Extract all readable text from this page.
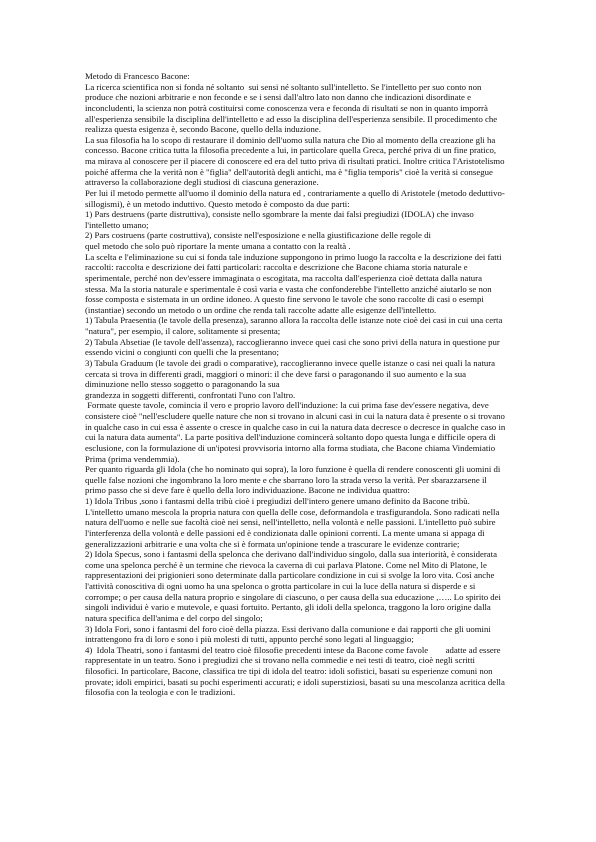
Metodo di Francesco Bacone:
La ricerca scientifica non si fonda né soltanto  sui sensi né soltanto sull'intelletto. Se l'intelletto per suo conto non
produce che nozioni arbitrarie e non feconde e se i sensi dall'altro lato non danno che indicazioni disordinate e
inconcludenti, la scienza non potrà costituirsi come conoscenza vera e feconda di risultati se non in quanto imporrà
all'esperienza sensibile la disciplina dell'intelletto e ad esso la disciplina dell'esperienza sensibile. Il procedimento che
realizza questa esigenza è, secondo Bacone, quello della induzione.
La sua filosofia ha lo scopo di restaurare il dominio dell'uomo sulla natura che Dio al momento della creazione gli ha
concesso. Bacone critica tutta la filosofia precedente a lui, in particolare quella Greca, perché priva di un fine pratico,
ma mirava al conoscere per il piacere di conoscere ed era del tutto priva di risultati pratici. Inoltre critica l'Aristotelismo
poiché afferma che la verità non è "figlia" dell'autorità degli antichi, ma è "figlia temporis" cioè la verità si consegue
attraverso la collaborazione degli studiosi di ciascuna generazione.
Per lui il metodo permette all'uomo il dominio della natura ed , contrariamente a quello di Aristotele (metodo deduttivo-
sillogismi), è un metodo induttivo. Questo metodo è composto da due parti:
1) Pars destruens (parte distruttiva), consiste nello sgombrare la mente dai falsi pregiudizi (IDOLA) che invaso
l'intelletto umano;
2) Pars costruens (parte costruttiva), consiste nell'esposizione e nella giustificazione delle regole di
quel metodo che solo può riportare la mente umana a contatto con la realtà .
La scelta e l'eliminazione su cui si fonda tale induzione suppongono in primo luogo la raccolta e la descrizione dei fatti
raccolti: raccolta e descrizione dei fatti particolari: raccolta e descrizione che Bacone chiama storia naturale e
sperimentale, perché non dev'essere immaginata o escogitata, ma raccolta dall'esperienza cioè dettata dalla natura
stessa. Ma la storia naturale e sperimentale è così varia e vasta che confonderebbe l'intelletto anziché aiutarlo se non
fosse composta e sistemata in un ordine idoneo. A questo fine servono le tavole che sono raccolte di casi o esempi
(instantiae) secondo un metodo o un ordine che renda tali raccolte adatte alle esigenze dell'intelletto.
1) Tabula Praesentia (le tavole della presenza), saranno allora la raccolta delle istanze note cioè dei casi in cui una certa
"natura", per esempio, il calore, solitamente si presenta;
2) Tabula Absetiae (le tavole dell'assenza), raccoglieranno invece quei casi che sono privi della natura in questione pur
essendo vicini o congiunti con quelli che la presentano;
3) Tabula Graduum (le tavole dei gradi o comparative), raccoglieranno invece quelle istanze o casi nei quali la natura
cercata si trova in differenti gradi, maggiori o minori: il che deve farsi o paragonando il suo aumento e la sua
diminuzione nello stesso soggetto o paragonando la sua
grandezza in soggetti differenti, confrontati l'uno con l'altro.
Formate queste tavole, comincia il vero e proprio lavoro dell'induzione: la cui prima fase dev'essere negativa, deve
consistere cioè "nell'escludere quelle nature che non si trovano in alcuni casi in cui la natura data è presente o si trovano
in qualche caso in cui essa è assente o cresce in qualche caso in cui la natura data decresce o decresce in qualche caso in
cui la natura data aumenta". La parte positiva dell'induzione comincerà soltanto dopo questa lunga e difficile opera di
esclusione, con la formulazione di un'ipotesi provvisoria intorno alla forma studiata, che Bacone chiama Vindemiatio
Prima (prima vendemmia).
Per quanto riguarda gli Idola (che ho nominato qui sopra), la loro funzione è quella di rendere conoscenti gli uomini di
quelle false nozioni che ingombrano la loro mente e che sbarrano loro la strada verso la verità. Per sbarazzarsene il
primo passo che si deve fare è quello della loro individuazione. Bacone ne individua quattro:
1) Idola Tribus ,sono i fantasmi della tribù cioè i pregiudizi dell'intero genere umano definito da Bacone tribù.
L'intelletto umano mescola la propria natura con quella delle cose, deformandola e trasfigurandola. Sono radicati nella
natura dell'uomo e nelle sue facoltà cioè nei sensi, nell'intelletto, nella volontà e nelle passioni. L'intelletto può subire
l'interferenza della volontà e delle passioni ed è condizionata dalle opinioni correnti. La mente umana si appaga di
generalizzazioni arbitrarie e una volta che si è formata un'opinione tende a trascurare le evidenze contrarie;
2) Idola Specus, sono i fantasmi della spelonca che derivano dall'individuo singolo, dalla sua interiorità, è considerata
come una spelonca perché è un termine che rievoca la caverna di cui parlava Platone. Come nel Mito di Platone, le
rappresentazioni dei prigionieri sono determinate dalla particolare condizione in cui si svolge la loro vita. Così anche
l'attività conoscitiva di ogni uomo ha una spelonca o grotta particolare in cui la luce della natura si disperde e si
corrompe; o per causa della natura proprio e singolare di ciascuno, o per causa della sua educazione ,….. Lo spirito dei
singoli individui è vario e mutevole, e quasi fortuito. Pertanto, gli idoli della spelonca, traggono la loro origine dalla
natura specifica dell'anima e del corpo del singolo;
3) Idola Fori, sono i fantasmi del foro cioè della piazza. Essi derivano dalla comunione e dai rapporti che gli uomini
intrattengono fra di loro e sono i più molesti di tutti, appunto perché sono legati al linguaggio;
4)  Idola Theatri, sono i fantasmi del teatro cioè filosofie precedenti intese da Bacone come favole        adatte ad essere
rappresentate in un teatro. Sono i pregiudizi che si trovano nella commedie e nei testi di teatro, cioè negli scritti
filosofici. In particolare, Bacone, classifica tre tipi di idola del teatro: idoli sofistici, basati su esperienze comuni non
provate; idoli empirici, basati su pochi esperimenti accurati; e idoli superstiziosi, basati su una mescolanza acritica della
filosofia con la teologia e con le tradizioni.
